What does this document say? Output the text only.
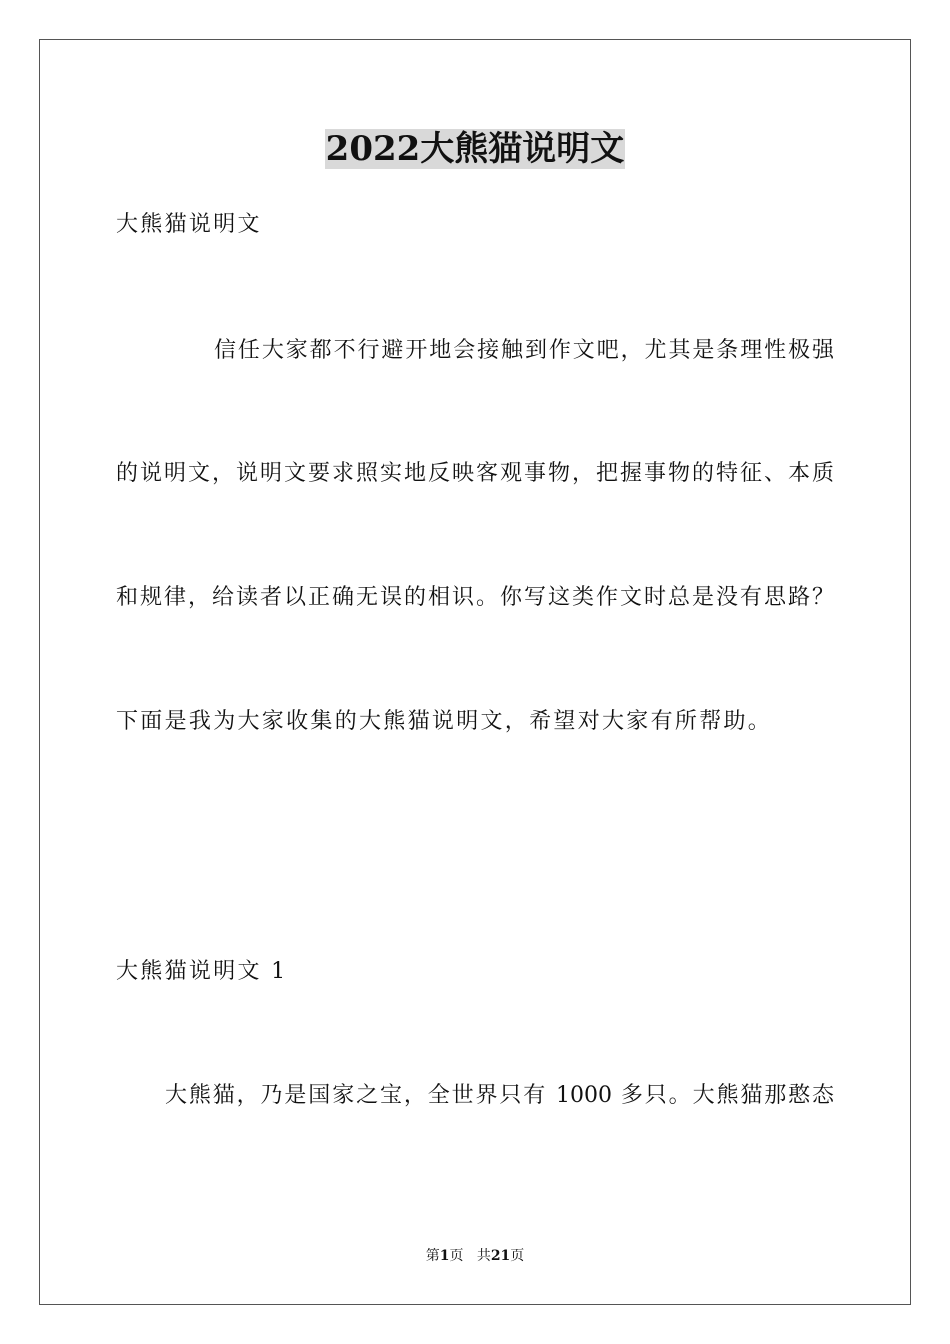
2022大熊猫说明文
大熊猫说明文
信任大家都不行避开地会接触到作文吧，尤其是条理性极强
的说明文，说明文要求照实地反映客观事物，把握事物的特征、本质
和规律，给读者以正确无误的相识。你写这类作文时总是没有思路？
下面是我为大家收集的大熊猫说明文，希望对大家有所帮助。
大熊猫说明文 1
大熊猫，乃是国家之宝，全世界只有 1000 多只。大熊猫那憨态
第1页 共21页
